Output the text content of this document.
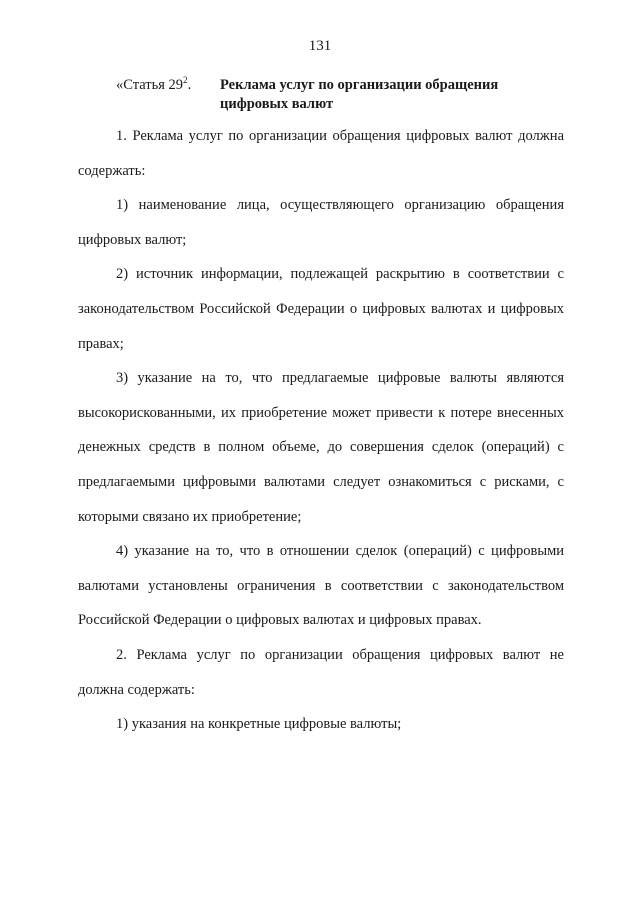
131
«Статья $29^2$. Реклама услуг по организации обращения
цифровых валют

1. Реклама услуг по организации обращения цифровых валют должна содержать:

1) наименование лица, осуществляющего организацию обращения цифровых валют;

2) источник информации, подлежащей раскрытию в соответствии с законодательством Российской Федерации о цифровых валютах и цифровых правах;

3) указание на то, что предлагаемые цифровые валюты являются высокорискованными, их приобретение может привести к потере внесенных денежных средств в полном объеме, до совершения сделок (операций) с предлагаемыми цифровыми валютами следует ознакомиться с рисками, с которыми связано их приобретение;

4) указание на то, что в отношении сделок (операций) с цифровыми валютами установлены ограничения в соответствии с законодательством Российской Федерации о цифровых валютах и цифровых правах.

2. Реклама услуг по организации обращения цифровых валют не должна содержать:

1) указания на конкретные цифровые валюты;
